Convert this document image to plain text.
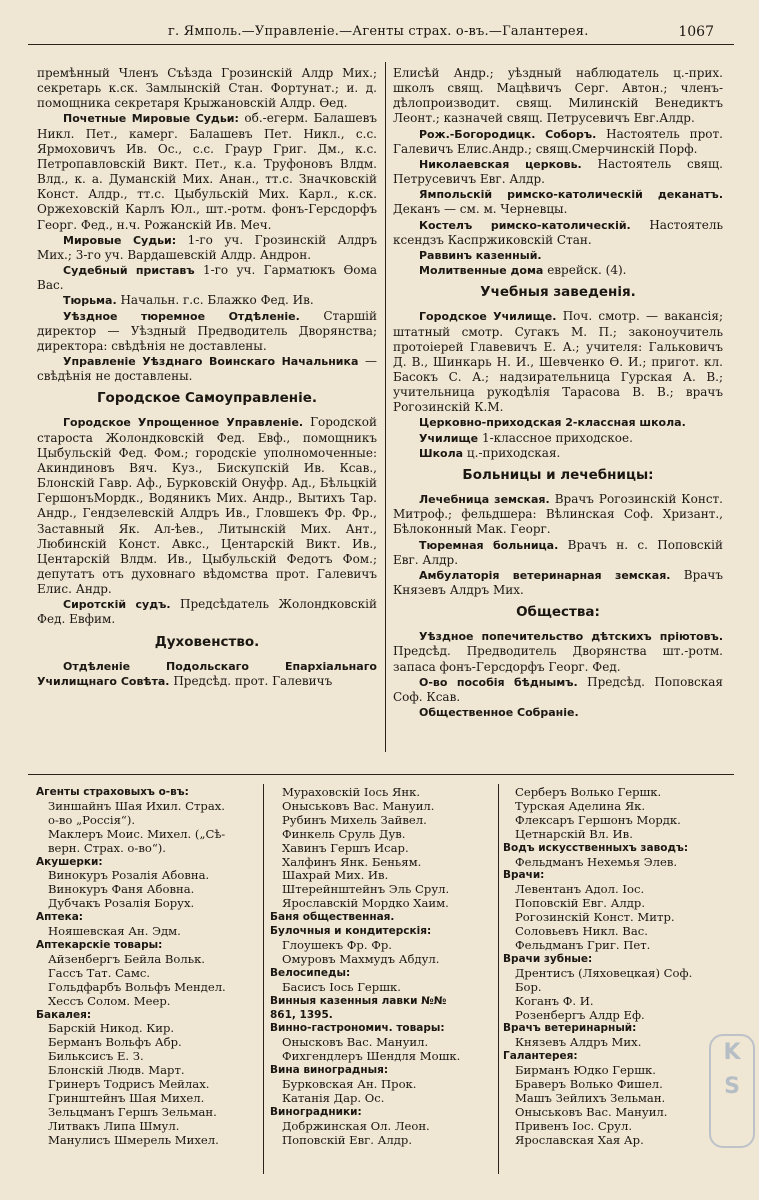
г. Ямполь.—Управленіе.—Агенты страх. о-въ.—Галантерея.	1067

премѣнный Членъ Съѣзда Грозинскій Алдр Мих.; секретарь к.ск. Замлынскій Стан. Фортунат.; и. д. помощника секретаря Крыжановскій Алдр. Ѳед.

Почетные Мировые Судьи: об.-егерм. Балашевъ Никл. Пет., камерг. Балашевъ Пет. Никл., с.с. Ярмоховичъ Ив. Ос., с.с. Граур Григ. Дм., к.с. Петропавловскій Викт. Пет., к.а. Труфоновъ Влдм. Влд., к. а. Думанскій Мих. Анан., тт.с. Значковскій Конст. Алдр., тт.с. Цыбульскій Мих. Карл., к.ск. Оржеховскій Карлъ Юл., шт.-ротм. фонъ-Герсдорфъ Георг. Фед., н.ч. Рожанскій Ив. Меч.

Мировые Судьи: 1-го уч. Грозинскій Алдръ Мих.; 3-го уч. Вардашевскій Алдр. Андрон.

Судебный приставъ 1-го уч. Гарматюкъ Ѳома Вас.

Тюрьма. Начальн. г.с. Блажко Фед. Ив.

Уѣздное тюремное Отдѣленіе. Старшій директор — Уѣздный Предводитель Дворянства; директора: свѣдѣнія не доставлены.

Управленіе Уѣзднаго Воинскаго Начальника —свѣдѣнія не доставлены.

Городское Самоуправленіе.

Городское Упрощенное Управленіе. Городской староста Жолондковскій Фед. Евф., помощникъ Цыбульскій Фед. Фом.; городскіе уполномоченные: Акиндиновъ Вяч. Куз., Бискупскій Ив. Ксав., Блонскій Гавр. Аф., Бурковскій Онуфр. Ад., Бѣльцкій ГершонъМордк., Водяникъ Мих. Андр., Вытихъ Тар. Андр., Гендзелевскій Алдръ Ив., Гловшекъ Фр. Фр., Заставный Як. Ал-ѣев., Литынскій Мих. Ант., Любинскій Конст. Авкс., Центарскій Викт. Ив., Центарскій Влдм. Ив., Цыбульскій Федотъ Фом.; депутатъ отъ духовнаго вѣдомства прот. Галевичъ Елис. Андр.

Сиротскій судъ. Предсѣдатель Жолондковскій Фед. Евфим.

Духовенство.

Отдѣленіе Подольскаго Епархіальнаго Училищнаго Совѣта. Предсѣд. прот. Галевичъ

Елисѣй Андр.; уѣздный наблюдатель ц.-прих. школъ свящ. Мацѣвичъ Серг. Автон.; членъ-дѣлопроизводит. свящ. Милинскій Венедиктъ Леонт.; казначей свящ. Петрусевичъ Евг.Алдр.

Рож.-Богородицк. Соборъ. Настоятель прот. Галевичъ Елис.Андр.; свящ.Смерчинскій Порф.

Николаевская церковь. Настоятель свящ. Петрусевичъ Евг. Алдр.

Ямпольскій римско-католическій деканатъ. Деканъ — см. м. Черневцы.

Костелъ римско-католическій. Настоятель ксендзъ Каспржиковскій Стан.

Раввинъ казенный.

Молитвенные дома еврейск. (4).

Учебныя заведенія.

Городское Училище. Поч. смотр. — вакансія; штатный смотр. Сугакъ М. П.; законоучитель протоіерей Главевичъ Е. А.; учителя: Гальковичъ Д. В., Шинкарь Н. И., Шевченко Ѳ. И.; пригот. кл. Басокъ С. А.; надзирательница Гурская А. В.; учительница рукодѣлія Тарасова В. В.; врачъ Рогозинскій К.М.

Церковно-приходская 2-классная школа.

Училище 1-классное приходское.

Школа ц.-приходская.

Больницы и лечебницы:

Лечебница земская. Врачъ Рогозинскій Конст. Митроф.; фельдшера: Вѣлинская Соф. Хризант., Бѣлоконный Мак. Георг.

Тюремная больница. Врачъ н. с. Поповскій Евг. Алдр.

Амбулаторія ветеринарная земская. Врачъ Князевъ Алдръ Мих.

Общества:

Уѣздное попечительство дѣтскихъ пріютовъ. Предсѣд. Предводитель Дворянства шт.-ротм. запаса фонъ-Герсдорфъ Георг. Фед.

О-во пособія бѣднымъ. Предсѣд. Поповская Соф. Ксав.

Общественное Собраніе.

Агенты страховыхъ о-въ:

Зиншайнъ Шая Ихил. Страх.

о-во „Россія“).

Маклеръ Моис. Михел. („Сѣ-

верн. Страх. о-во“).

Акушерки:

Винокуръ Розалія Абовна.

Винокуръ Фаня Абовна.

Дубчакъ Розалія Борух.

Аптека:

Нояшевская Ан. Эдм.

Аптекарскіе товары:

Айзенбергъ Бейла Вольк.

Гассъ Тат. Самс.

Гольдфарбъ Вольфъ Мендел.

Хессъ Солом. Меер.

Бакалея:

Барскій Никод. Кир.

Берманъ Вольфъ Абр.

Бильксисъ Е. З.

Блонскій Людв. Март.

Гринеръ Тодрисъ Мейлах.

Гринштейнъ Шая Михел.

Зельцманъ Гершъ Зельман.

Литвакъ Липа Шмул.

Манулисъ Шмерель Михел.

Мураховскій Іось Янк.

Оныськовъ Вас. Мануил.

Рубинъ Михель Зайвел.

Финкель Сруль Дув.

Хавинъ Гершъ Исар.

Халфинъ Янк. Беньям.

Шахрай Мих. Ив.

Штерейнштейнъ Эль Срул.

Ярославскій Мордко Хаим.

Баня общественная.

Булочныя и кондитерскія:

Глоушекъ Фр. Фр.

Омуровъ Махмудъ Абдул.

Велосипеды:

Басисъ Іось Гершк.

Винныя казенныя лавки №№

861, 1395.

Винно-гастрономич. товары:

Онысковъ Вас. Мануил.

Фихгендлеръ Шендля Мошк.

Вина виноградныя:

Бурковская Ан. Прок.

Катанія Дар. Ос.

Виноградники:

Добржинская Ол. Леон.

Поповскій Евг. Алдр.

Серберъ Волько Гершк.

Турская Аделина Як.

Флексаръ Гершонъ Мордк.

Цетнарскій Вл. Ив.

Водъ искусственныхъ заводъ:

Фельдманъ Нехемья Элев.

Врачи:

Левентанъ Адол. Іос.

Поповскій Евг. Алдр.

Рогозинскій Конст. Митр.

Соловьевъ Никл. Вас.

Фельдманъ Григ. Пет.

Врачи зубные:

Дрентисъ (Ляховецкая) Соф.

Бор.

Коганъ Ф. И.

Розенбергъ Алдр Еф.

Врачъ ветеринарный:

Князевъ Алдръ Мих.

Галантерея:

Бирманъ Юдко Гершк.

Браверъ Волько Фишел.

Машъ Зейлихъ Зельман.

Оныськовъ Вас. Мануил.

Привенъ Іос. Срул.

Ярославская Хая Ар.

K
S
